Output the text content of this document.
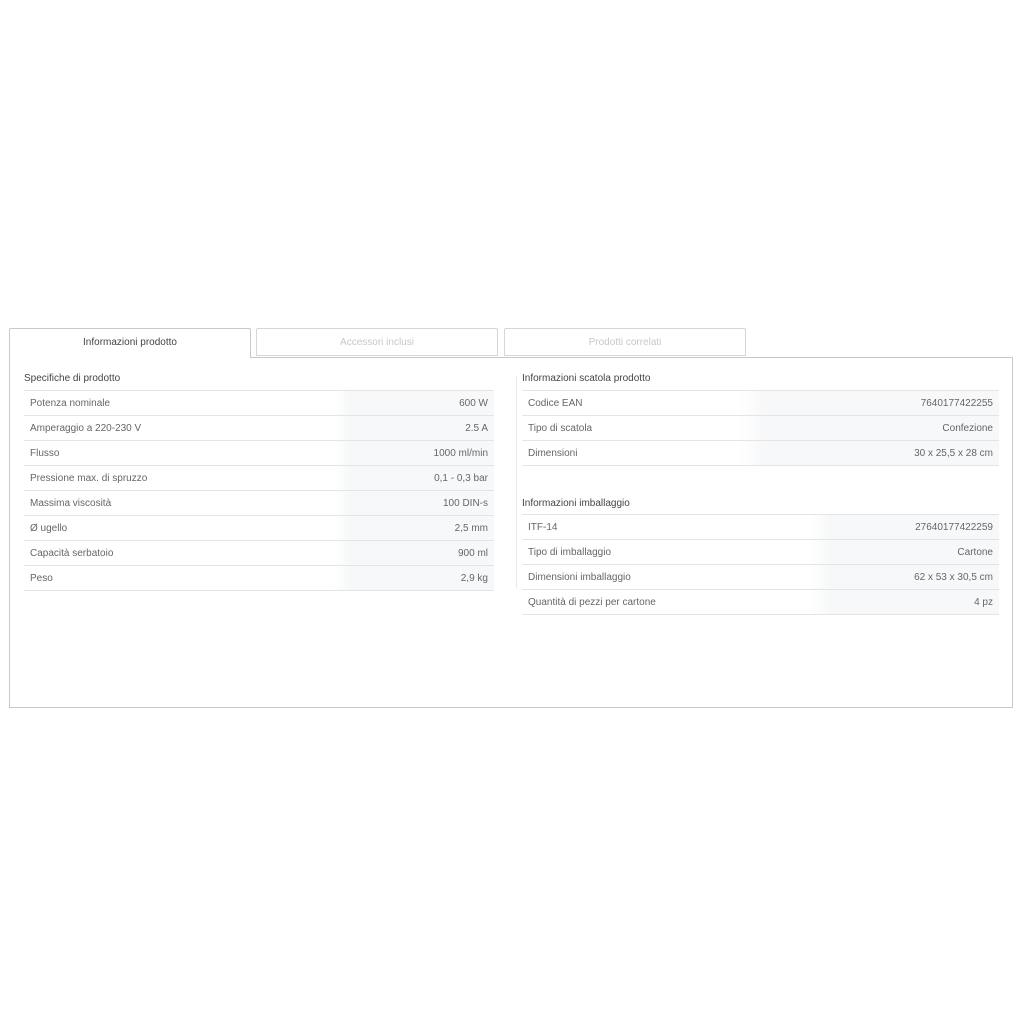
Informazioni prodotto	Accessori inclusi	Prodotti correlati
Specifiche di prodotto
Potenza nominale	600 W
Amperaggio a 220-230 V	2.5 A
Flusso	1000 ml/min
Pressione max. di spruzzo	0,1 - 0,3 bar
Massima viscosità	100 DIN-s
Ø ugello	2,5 mm
Capacità serbatoio	900 ml
Peso	2,9 kg
Informazioni scatola prodotto
Codice EAN	7640177422255
Tipo di scatola	Confezione
Dimensioni	30 x 25,5 x 28 cm
Informazioni imballaggio
ITF-14	27640177422259
Tipo di imballaggio	Cartone
Dimensioni imballaggio	62 x 53 x 30,5 cm
Quantità di pezzi per cartone	4 pz
